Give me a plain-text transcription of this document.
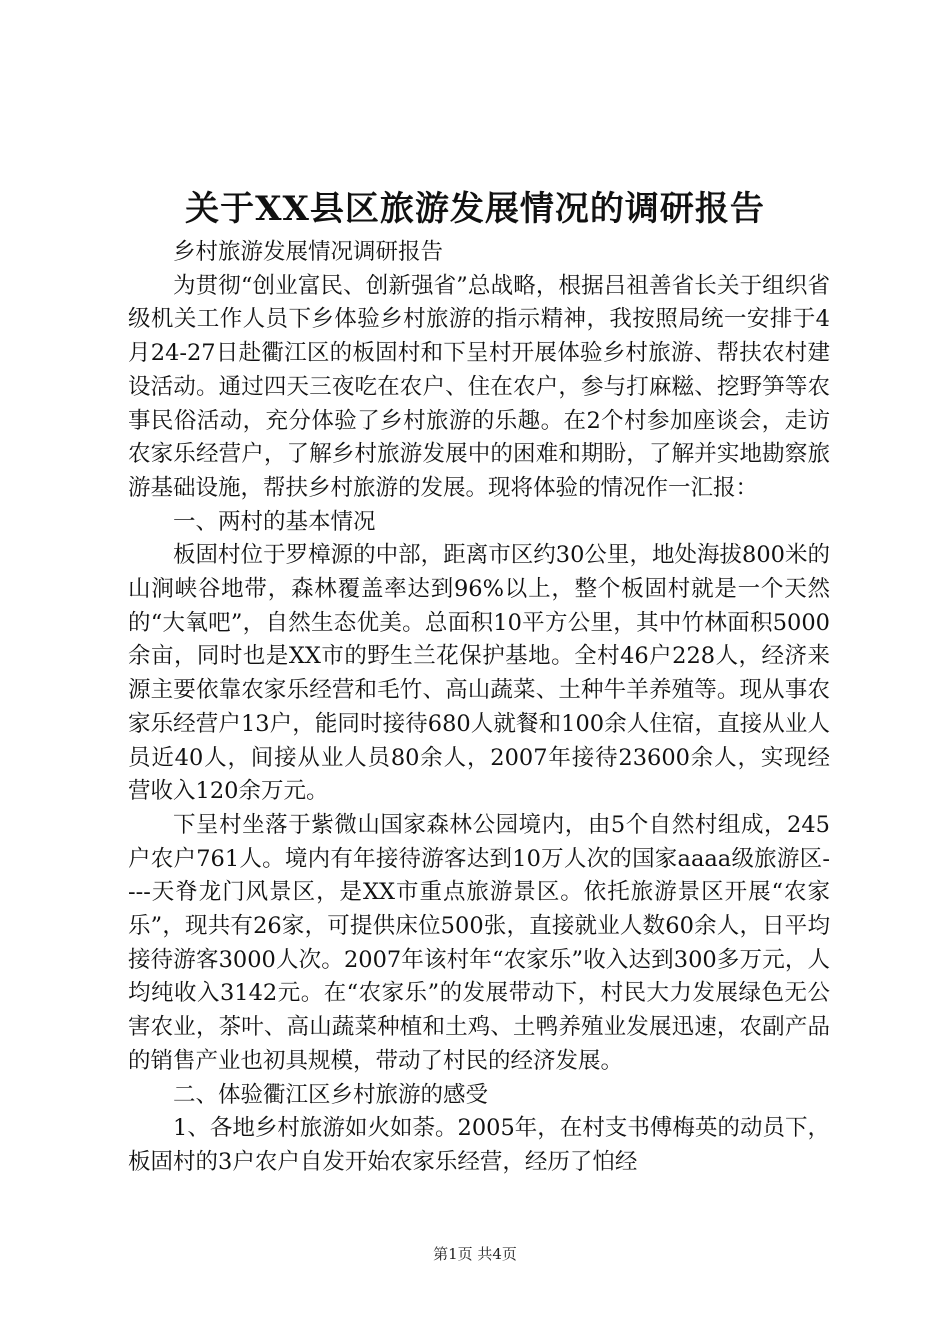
关于XX县区旅游发展情况的调研报告

乡村旅游发展情况调研报告

为贯彻“创业富民、创新强省”总战略，根据吕祖善省长关于组织省级机关工作人员下乡体验乡村旅游的指示精神，我按照局统一安排于4月24-27日赴衢江区的板固村和下呈村开展体验乡村旅游、帮扶农村建设活动。通过四天三夜吃在农户、住在农户，参与打麻糍、挖野笋等农事民俗活动，充分体验了乡村旅游的乐趣。在2个村参加座谈会，走访农家乐经营户，了解乡村旅游发展中的困难和期盼，了解并实地勘察旅游基础设施，帮扶乡村旅游的发展。现将体验的情况作一汇报：

一、两村的基本情况

板固村位于罗樟源的中部，距离市区约30公里，地处海拔800米的山涧峡谷地带，森林覆盖率达到96%以上，整个板固村就是一个天然的“大氧吧”，自然生态优美。总面积10平方公里，其中竹林面积5000余亩，同时也是XX市的野生兰花保护基地。全村46户228人，经济来源主要依靠农家乐经营和毛竹、高山蔬菜、土种牛羊养殖等。现从事农家乐经营户13户，能同时接待680人就餐和100余人住宿，直接从业人员近40人，间接从业人员80余人，2007年接待23600余人，实现经营收入120余万元。

下呈村坐落于紫微山国家森林公园境内，由5个自然村组成，245户农户761人。境内有年接待游客达到10万人次的国家aaaa级旅游区----天脊龙门风景区，是XX市重点旅游景区。依托旅游景区开展“农家乐”，现共有26家，可提供床位500张，直接就业人数60余人，日平均接待游客3000人次。2007年该村年“农家乐”收入达到300多万元，人均纯收入3142元。在“农家乐”的发展带动下，村民大力发展绿色无公害农业，茶叶、高山蔬菜种植和土鸡、土鸭养殖业发展迅速，农副产品的销售产业也初具规模，带动了村民的经济发展。

二、体验衢江区乡村旅游的感受

1、各地乡村旅游如火如荼。2005年，在村支书傅梅英的动员下，板固村的3户农户自发开始农家乐经营，经历了怕经

第1页 共4页
